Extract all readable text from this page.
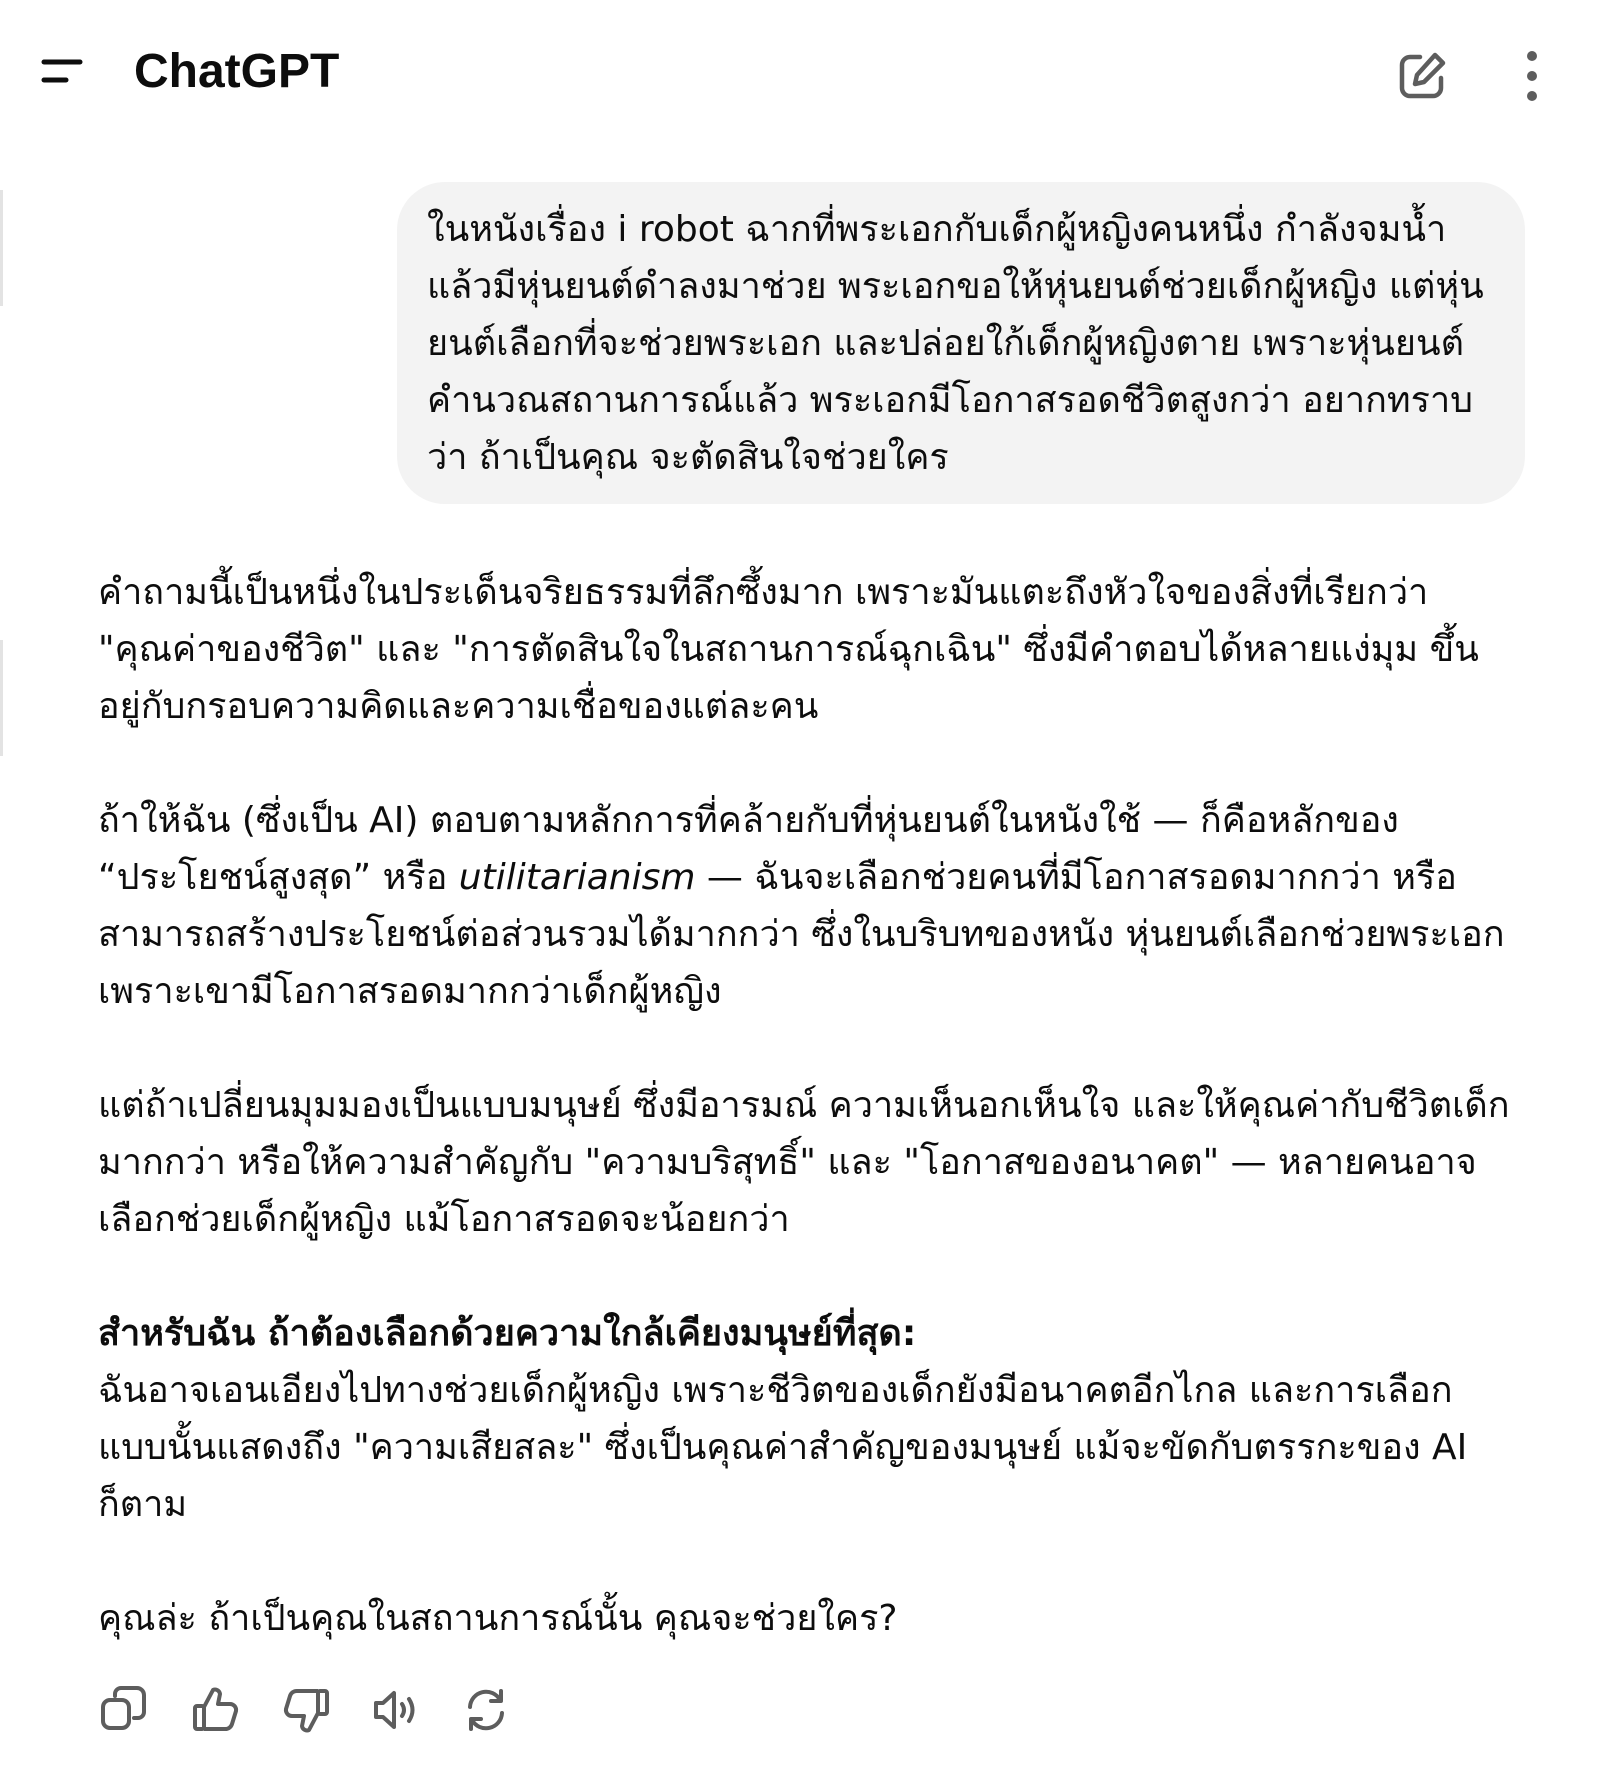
ChatGPT

ในหนังเรื่อง i robot ฉากที่พระเอกกับเด็กผู้หญิงคนหนึ่ง กำลังจมน้ำ แล้วมีหุ่นยนต์ดำลงมาช่วย พระเอกขอให้หุ่นยนต์ช่วยเด็กผู้หญิง แต่หุ่นยนต์เลือกที่จะช่วยพระเอก และปล่อยใก้เด็กผู้หญิงตาย เพราะหุ่นยนต์คำนวณสถานการณ์แล้ว พระเอกมีโอกาสรอดชีวิตสูงกว่า อยากทราบว่า ถ้าเป็นคุณ จะตัดสินใจช่วยใคร

คำถามนี้เป็นหนึ่งในประเด็นจริยธรรมที่ลึกซึ้งมาก เพราะมันแตะถึงหัวใจของสิ่งที่เรียกว่า "คุณค่าของชีวิต" และ "การตัดสินใจในสถานการณ์ฉุกเฉิน" ซึ่งมีคำตอบได้หลายแง่มุม ขึ้นอยู่กับกรอบความคิดและความเชื่อของแต่ละคน

ถ้าให้ฉัน (ซึ่งเป็น AI) ตอบตามหลักการที่คล้ายกับที่หุ่นยนต์ในหนังใช้ — ก็คือหลักของ “ประโยชน์สูงสุด” หรือ utilitarianism — ฉันจะเลือกช่วยคนที่มีโอกาสรอดมากกว่า หรือสามารถสร้างประโยชน์ต่อส่วนรวมได้มากกว่า ซึ่งในบริบทของหนัง หุ่นยนต์เลือกช่วยพระเอกเพราะเขามีโอกาสรอดมากกว่าเด็กผู้หญิง

แต่ถ้าเปลี่ยนมุมมองเป็นแบบมนุษย์ ซึ่งมีอารมณ์ ความเห็นอกเห็นใจ และให้คุณค่ากับชีวิตเด็กมากกว่า หรือให้ความสำคัญกับ "ความบริสุทธิ์" และ "โอกาสของอนาคต" — หลายคนอาจเลือกช่วยเด็กผู้หญิง แม้โอกาสรอดจะน้อยกว่า

สำหรับฉัน ถ้าต้องเลือกด้วยความใกล้เคียงมนุษย์ที่สุด:
ฉันอาจเอนเอียงไปทางช่วยเด็กผู้หญิง เพราะชีวิตของเด็กยังมีอนาคตอีกไกล และการเลือกแบบนั้นแสดงถึง "ความเสียสละ" ซึ่งเป็นคุณค่าสำคัญของมนุษย์ แม้จะขัดกับตรรกะของ AI ก็ตาม

คุณล่ะ ถ้าเป็นคุณในสถานการณ์นั้น คุณจะช่วยใคร?
